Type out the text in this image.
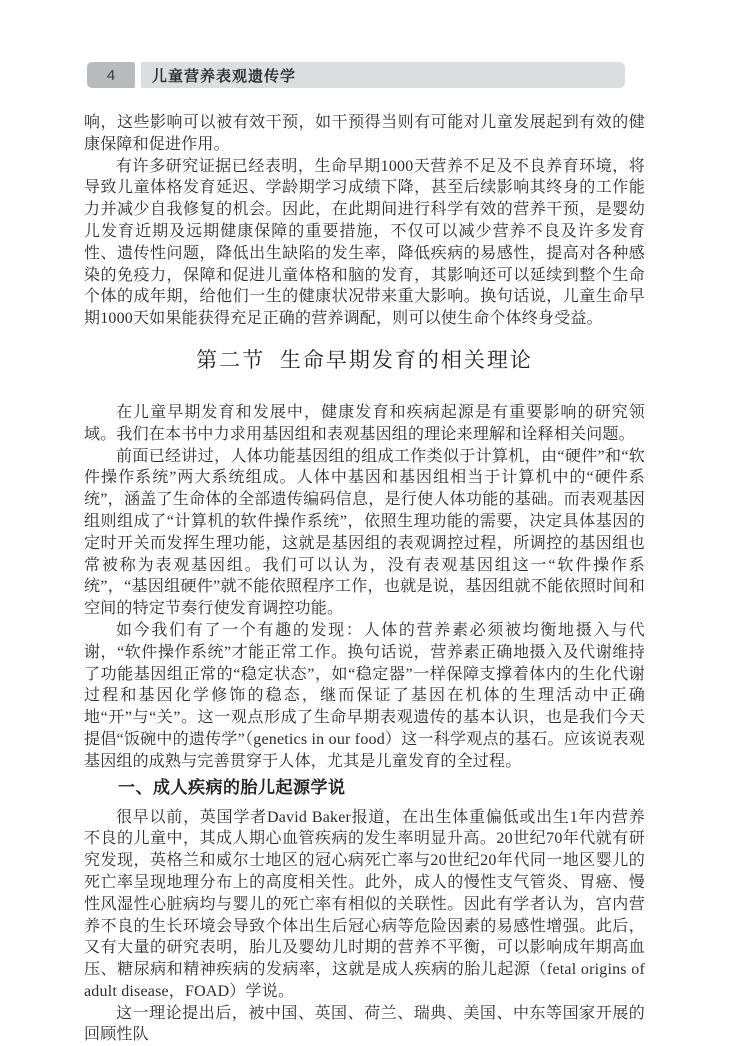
4	儿童营养表观遗传学

响，这些影响可以被有效干预，如干预得当则有可能对儿童发展起到有效的健康保障和促进作用。

有许多研究证据已经表明，生命早期1000天营养不足及不良养育环境，将导致儿童体格发育延迟、学龄期学习成绩下降，甚至后续影响其终身的工作能力并减少自我修复的机会。因此，在此期间进行科学有效的营养干预，是婴幼儿发育近期及远期健康保障的重要措施，不仅可以减少营养不良及许多发育性、遗传性问题，降低出生缺陷的发生率，降低疾病的易感性，提高对各种感染的免疫力，保障和促进儿童体格和脑的发育，其影响还可以延续到整个生命个体的成年期，给他们一生的健康状况带来重大影响。换句话说，儿童生命早期1000天如果能获得充足正确的营养调配，则可以使生命个体终身受益。

第二节 生命早期发育的相关理论

在儿童早期发育和发展中，健康发育和疾病起源是有重要影响的研究领域。我们在本书中力求用基因组和表观基因组的理论来理解和诠释相关问题。

前面已经讲过，人体功能基因组的组成工作类似于计算机，由“硬件”和“软件操作系统”两大系统组成。人体中基因和基因组相当于计算机中的“硬件系统”，涵盖了生命体的全部遗传编码信息，是行使人体功能的基础。而表观基因组则组成了“计算机的软件操作系统”，依照生理功能的需要，决定具体基因的定时开关而发挥生理功能，这就是基因组的表观调控过程，所调控的基因组也常被称为表观基因组。我们可以认为，没有表观基因组这一“软件操作系统”，“基因组硬件”就不能依照程序工作，也就是说，基因组就不能依照时间和空间的特定节奏行使发育调控功能。

如今我们有了一个有趣的发现：人体的营养素必须被均衡地摄入与代谢，“软件操作系统”才能正常工作。换句话说，营养素正确地摄入及代谢维持了功能基因组正常的“稳定状态”，如“稳定器”一样保障支撑着体内的生化代谢过程和基因化学修饰的稳态，继而保证了基因在机体的生理活动中正确地“开”与“关”。这一观点形成了生命早期表观遗传的基本认识，也是我们今天提倡“饭碗中的遗传学”（genetics in our food）这一科学观点的基石。应该说表观基因组的成熟与完善贯穿于人体，尤其是儿童发育的全过程。

一、成人疾病的胎儿起源学说

很早以前，英国学者David Baker报道，在出生体重偏低或出生1年内营养不良的儿童中，其成人期心血管疾病的发生率明显升高。20世纪70年代就有研究发现，英格兰和威尔士地区的冠心病死亡率与20世纪20年代同一地区婴儿的死亡率呈现地理分布上的高度相关性。此外，成人的慢性支气管炎、胃癌、慢性风湿性心脏病均与婴儿的死亡率有相似的关联性。因此有学者认为，宫内营养不良的生长环境会导致个体出生后冠心病等危险因素的易感性增强。此后，又有大量的研究表明，胎儿及婴幼儿时期的营养不平衡，可以影响成年期高血压、糖尿病和精神疾病的发病率，这就是成人疾病的胎儿起源（fetal origins of adult disease，FOAD）学说。

这一理论提出后，被中国、英国、荷兰、瑞典、美国、中东等国家开展的回顾性队
